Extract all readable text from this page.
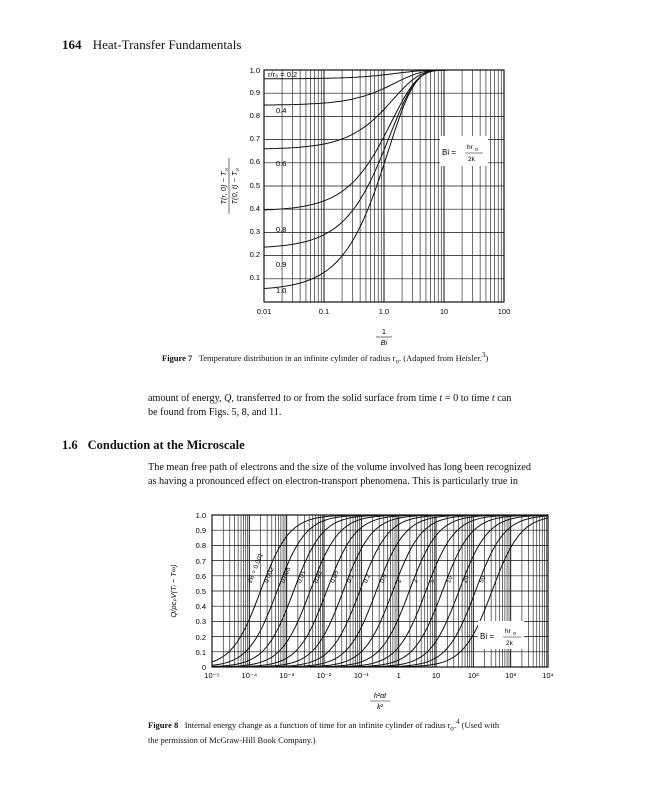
164 Heat-Transfer Fundamentals
0.1
0.2
0.3
0.4
0.5
0.6
0.7
0.8
0.9
1.0
0.01	0.1	1.0	10	100
r/r₀ = 0.2
0.4
0.6
0.8
0.9
1.0
Bi =
hr o
2k
T(r, $0) - T_\infty$
T(0, $t) - T_\infty$
1
Bi
Figure 7 Temperature distribution in an infinite cylinder of radius $r_o$. (Adapted from Heisler.$^3$)
amount of energy, Q, transferred to or from the solid surface from time t = 0 to time t can
be found from Figs. 5, 8, and 11.
1.6 Conduction at the Microscale
The mean free path of electrons and the size of the volume involved has long been recognized
as having a pronounced effect on electron-transport phenomena. This is particularly true in
0
0.1
0.2
0.3
0.4
0.5
0.6
0.7
0.8
0.9
1.0
10⁻⁵	10⁻⁴	10⁻³	10⁻²	10⁻¹	1	10	10²	10³	10⁴
2B = 0.001
0.002 0.005 0.01 0.02 0.05 0.1 0.2 0.5 1 2 5 10 20 50
Bi =
hr o
2k
Q/ρcₚV(Tᵢ − T∞)
h²αt
k²
Figure 8 Internal energy change as a function of time for an infinite cylinder of radius $r_o.^4$ (Used with
the permission of McGraw-Hill Book Company.)
